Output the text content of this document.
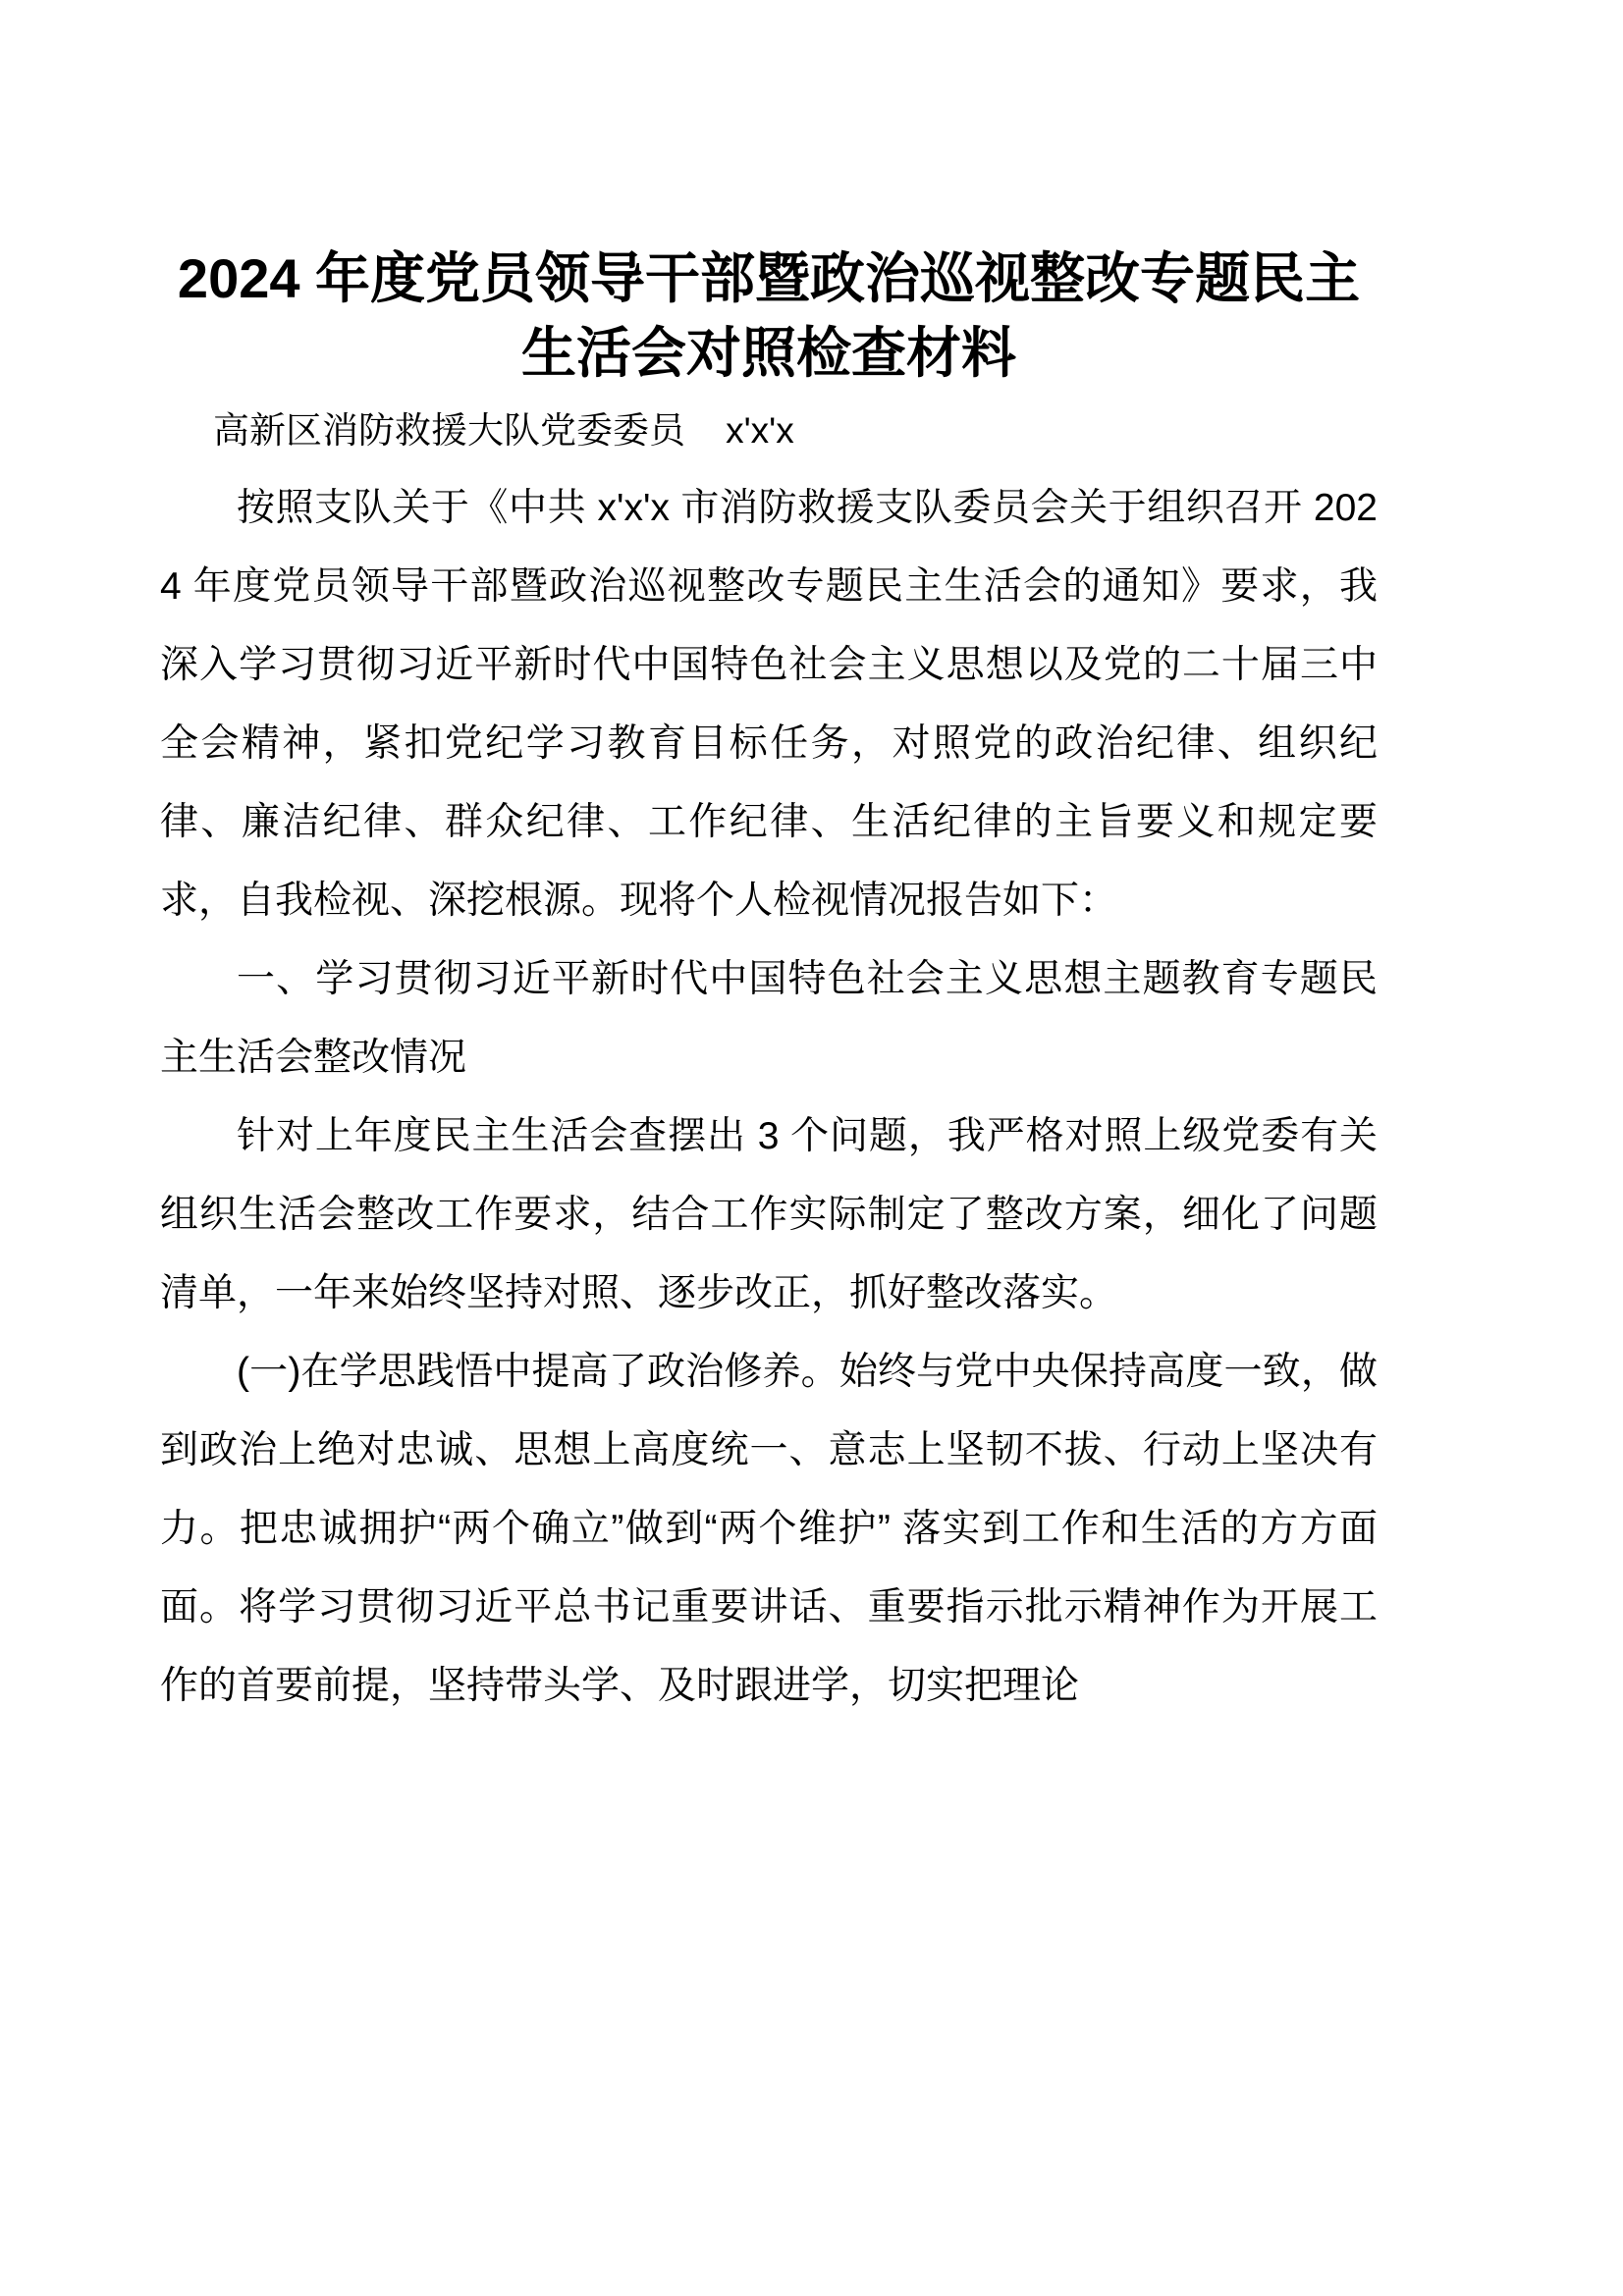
2024 年度党员领导干部暨政治巡视整改专题民主生活会对照检查材料

高新区消防救援大队党委委员    x'x'x

按照支队关于《中共 x'x'x 市消防救援支队委员会关于组织召开 2024 年度党员领导干部暨政治巡视整改专题民主生活会的通知》要求，我深入学习贯彻习近平新时代中国特色社会主义思想以及党的二十届三中全会精神，紧扣党纪学习教育目标任务，对照党的政治纪律、组织纪律、廉洁纪律、群众纪律、工作纪律、生活纪律的主旨要义和规定要求，自我检视、深挖根源。现将个人检视情况报告如下：

一、学习贯彻习近平新时代中国特色社会主义思想主题教育专题民主生活会整改情况

针对上年度民主生活会查摆出 3 个问题，我严格对照上级党委有关组织生活会整改工作要求，结合工作实际制定了整改方案，细化了问题清单，一年来始终坚持对照、逐步改正，抓好整改落实。

(一)在学思践悟中提高了政治修养。始终与党中央保持高度一致，做到政治上绝对忠诚、思想上高度统一、意志上坚韧不拔、行动上坚决有力。把忠诚拥护“两个确立”做到“两个维护” 落实到工作和生活的方方面面。将学习贯彻习近平总书记重要讲话、重要指示批示精神作为开展工作的首要前提，坚持带头学、及时跟进学，切实把理论
